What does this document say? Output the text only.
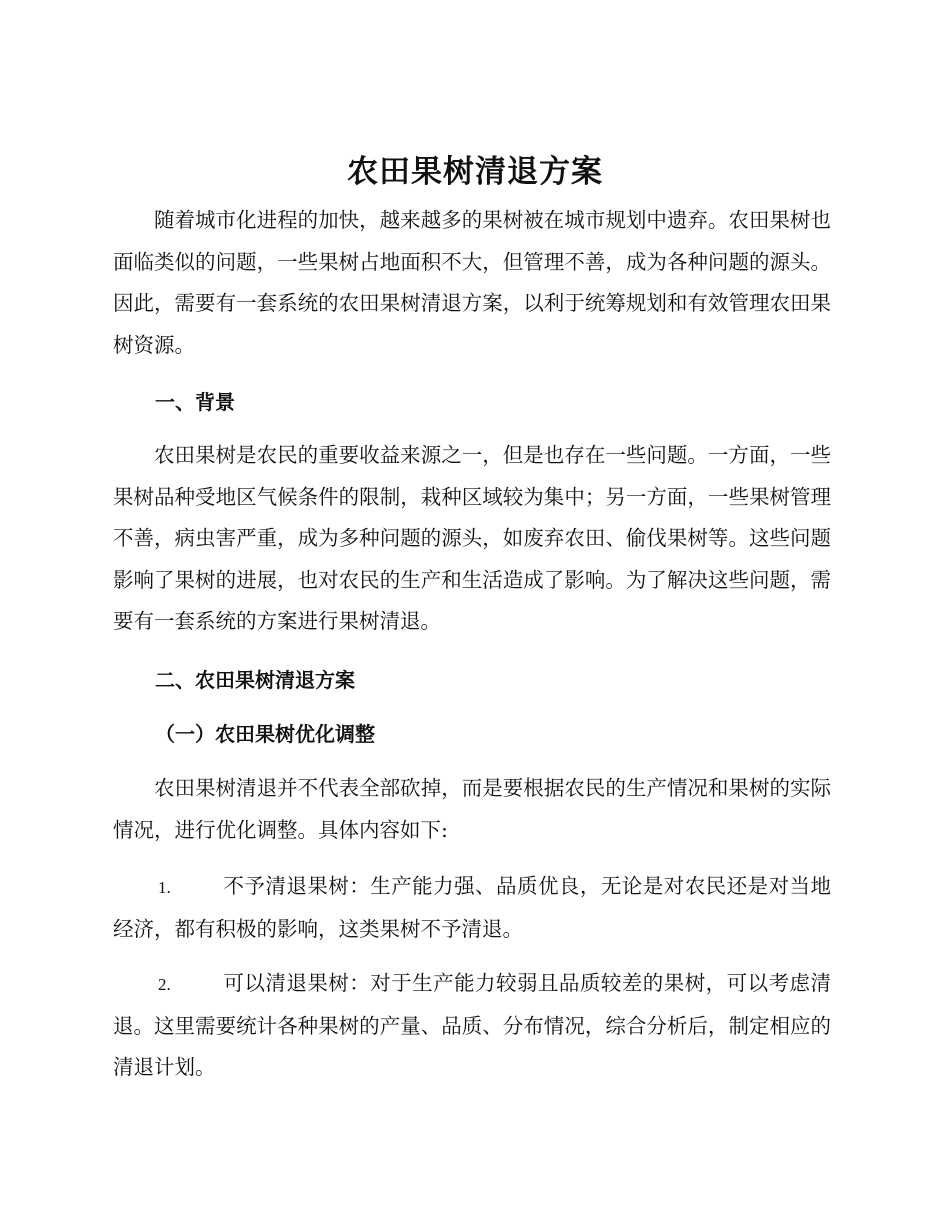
农田果树清退方案

随着城市化进程的加快，越来越多的果树被在城市规划中遗弃。农田果树也面临类似的问题，一些果树占地面积不大，但管理不善，成为各种问题的源头。因此，需要有一套系统的农田果树清退方案，以利于统筹规划和有效管理农田果树资源。

一、背景

农田果树是农民的重要收益来源之一，但是也存在一些问题。一方面，一些果树品种受地区气候条件的限制，栽种区域较为集中；另一方面，一些果树管理不善，病虫害严重，成为多种问题的源头，如废弃农田、偷伐果树等。这些问题影响了果树的进展，也对农民的生产和生活造成了影响。为了解决这些问题，需要有一套系统的方案进行果树清退。

二、农田果树清退方案
（一）农田果树优化调整

农田果树清退并不代表全部砍掉，而是要根据农民的生产情况和果树的实际情况，进行优化调整。具体内容如下:

1.	不予清退果树：生产能力强、品质优良，无论是对农民还是对当地经济，都有积极的影响，这类果树不予清退。

2.	可以清退果树：对于生产能力较弱且品质较差的果树，可以考虑清退。这里需要统计各种果树的产量、品质、分布情况，综合分析后，制定相应的清退计划。
